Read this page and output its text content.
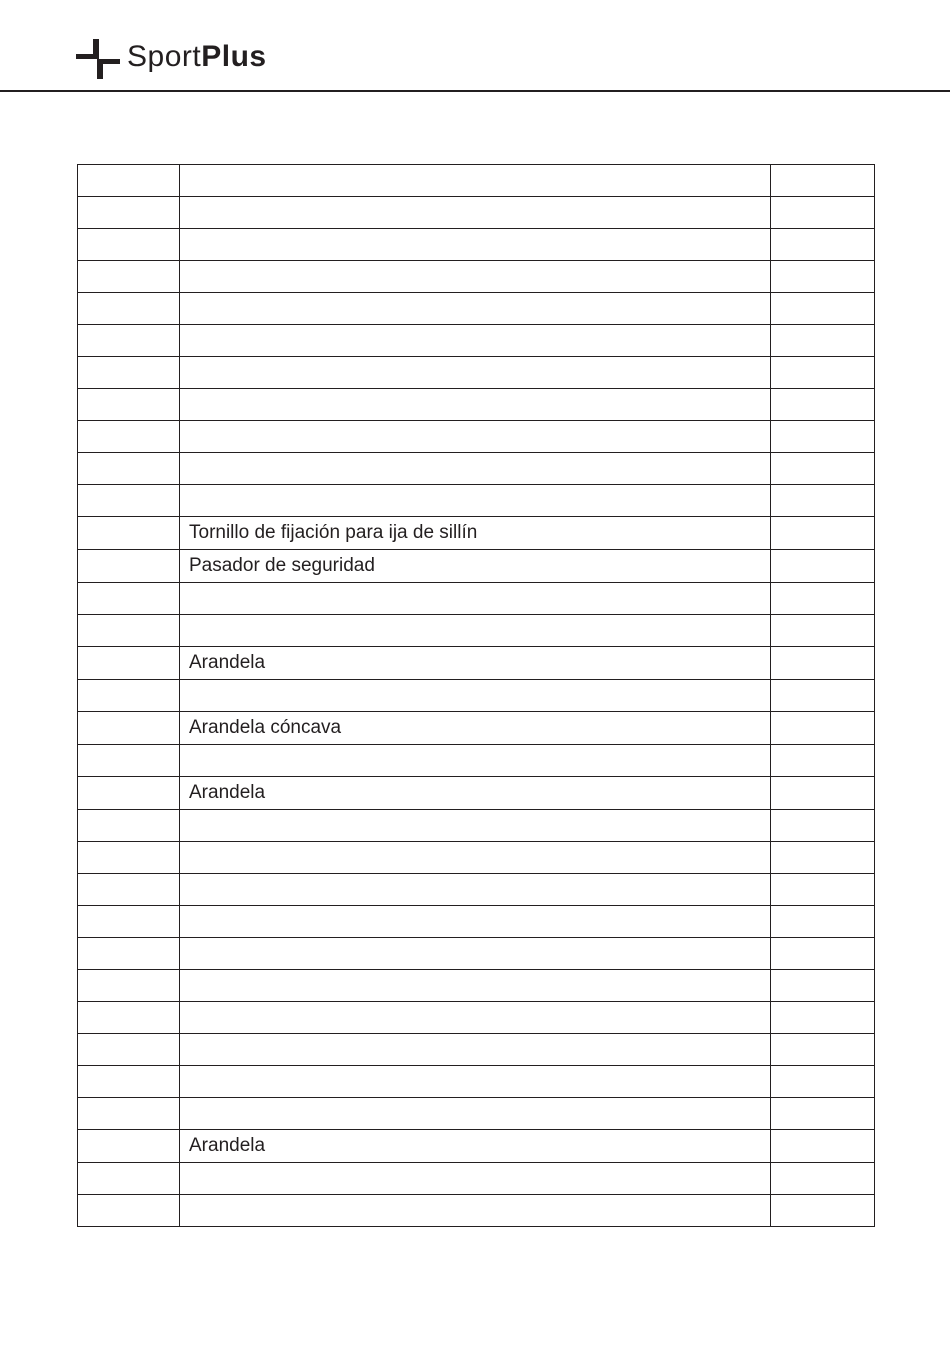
SportPlus

	Tornillo de fijación para ija de sillín	
	Pasador de seguridad	

	Arandela	

	Arandela cóncava	

	Arandela	

	Arandela	
